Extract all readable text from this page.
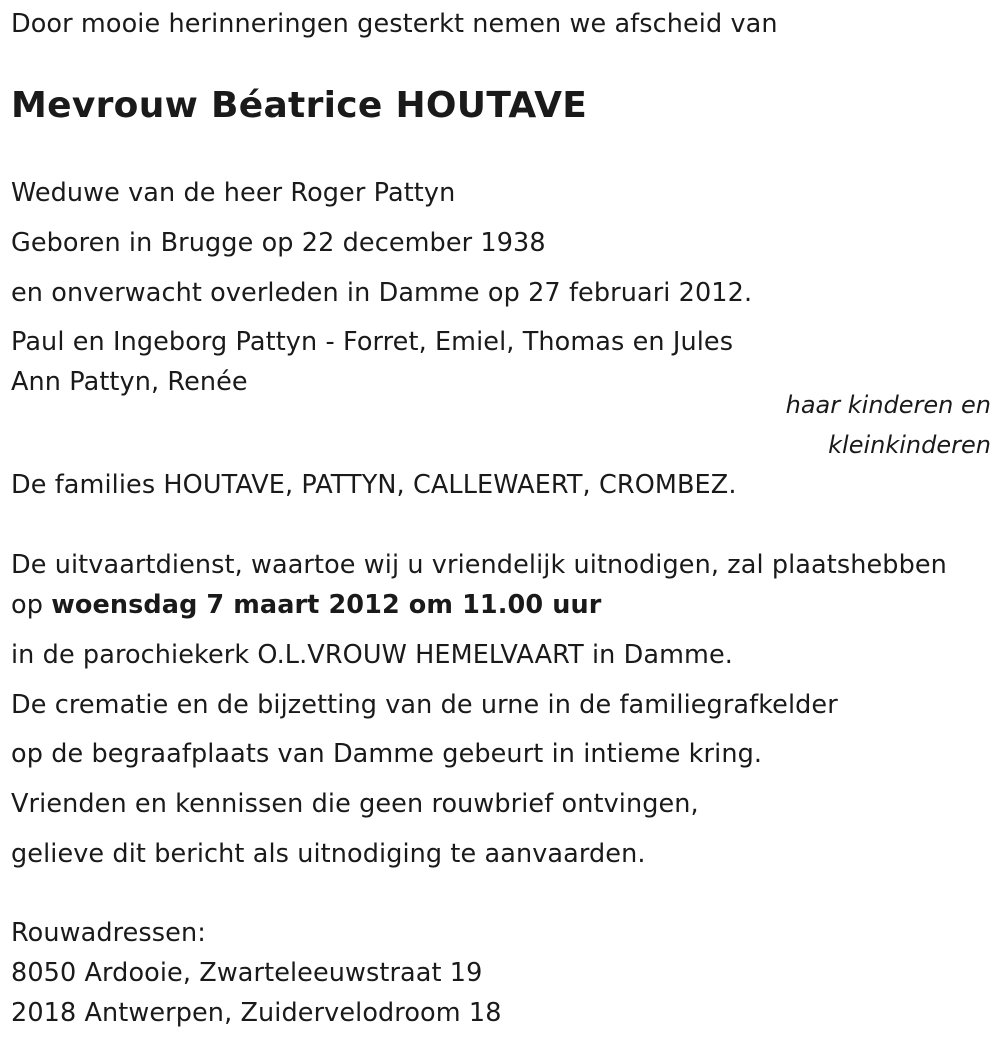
Door mooie herinneringen gesterkt nemen we afscheid van
Mevrouw Béatrice HOUTAVE
Weduwe van de heer Roger Pattyn
Geboren in Brugge op 22 december 1938
en onverwacht overleden in Damme op 27 februari 2012.
Paul en Ingeborg Pattyn - Forret, Emiel, Thomas en Jules
Ann Pattyn, Renée
haar kinderen en
kleinkinderen
De families HOUTAVE, PATTYN, CALLEWAERT, CROMBEZ.
De uitvaartdienst, waartoe wij u vriendelijk uitnodigen, zal plaatshebben
op woensdag 7 maart 2012 om 11.00 uur
in de parochiekerk O.L.VROUW HEMELVAART in Damme.
De crematie en de bijzetting van de urne in de familiegrafkelder
op de begraafplaats van Damme gebeurt in intieme kring.
Vrienden en kennissen die geen rouwbrief ontvingen,
gelieve dit bericht als uitnodiging te aanvaarden.
Rouwadressen:
8050 Ardooie, Zwarteleeuwstraat 19
2018 Antwerpen, Zuidervelodroom 18
